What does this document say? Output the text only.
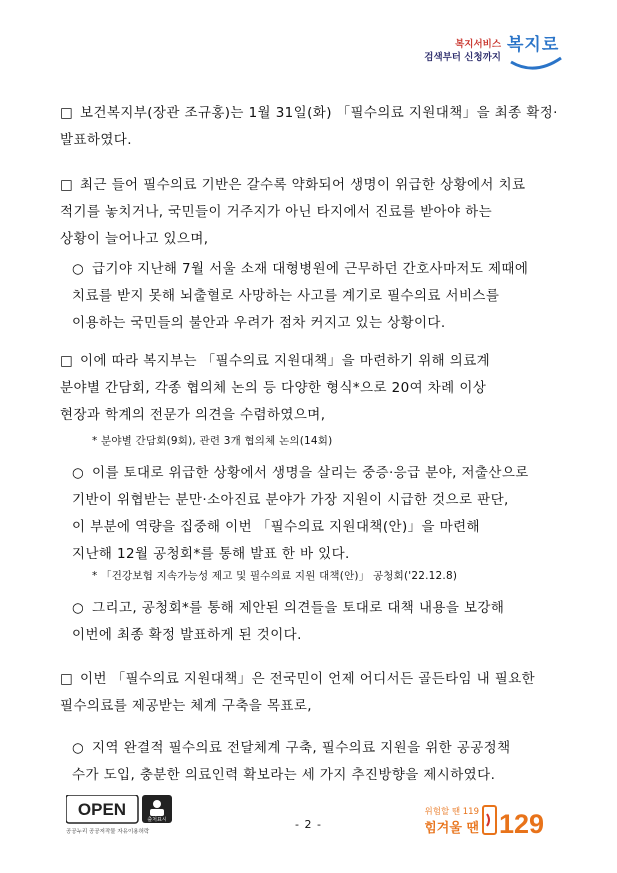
복지서비스
검색부터 신청까지
복지로
□ 보건복지부(장관 조규홍)는 1월 31일(화) 「필수의료 지원대책」을 최종 확정·
발표하였다.
□ 최근 들어 필수의료 기반은 갈수록 약화되어 생명이 위급한 상황에서 치료
적기를 놓치거나, 국민들이 거주지가 아닌 타지에서 진료를 받아야 하는
상황이 늘어나고 있으며,
○ 급기야 지난해 7월 서울 소재 대형병원에 근무하던 간호사마저도 제때에
치료를 받지 못해 뇌출혈로 사망하는 사고를 계기로 필수의료 서비스를
이용하는 국민들의 불안과 우려가 점차 커지고 있는 상황이다.
□ 이에 따라 복지부는 「필수의료 지원대책」을 마련하기 위해 의료계
분야별 간담회, 각종 협의체 논의 등 다양한 형식*으로 20여 차례 이상
현장과 학계의 전문가 의견을 수렴하였으며,
* 분야별 간담회(9회), 관련 3개 협의체 논의(14회)
○ 이를 토대로 위급한 상황에서 생명을 살리는 중증·응급 분야, 저출산으로
기반이 위협받는 분만·소아진료 분야가 가장 지원이 시급한 것으로 판단,
이 부분에 역량을 집중해 이번 「필수의료 지원대책(안)」을 마련해
지난해 12월 공청회*를 통해 발표 한 바 있다.
* 「건강보험 지속가능성 제고 및 필수의료 지원 대책(안)」 공청회('22.12.8)
○ 그리고, 공청회*를 통해 제안된 의견들을 토대로 대책 내용을 보강해
이번에 최종 확정 발표하게 된 것이다.
□ 이번 「필수의료 지원대책」은 전국민이 언제 어디서든 골든타임 내 필요한
필수의료를 제공받는 체계 구축을 목표로,
○ 지역 완결적 필수의료 전달체계 구축, 필수의료 지원을 위한 공공정책
수가 도입, 충분한 의료인력 확보라는 세 가지 추진방향을 제시하였다.
OPEN
출처표시
공공누리 공공저작물 자유이용허락
- 2 -
위험할 땐 119
힘겨울 땐 129
